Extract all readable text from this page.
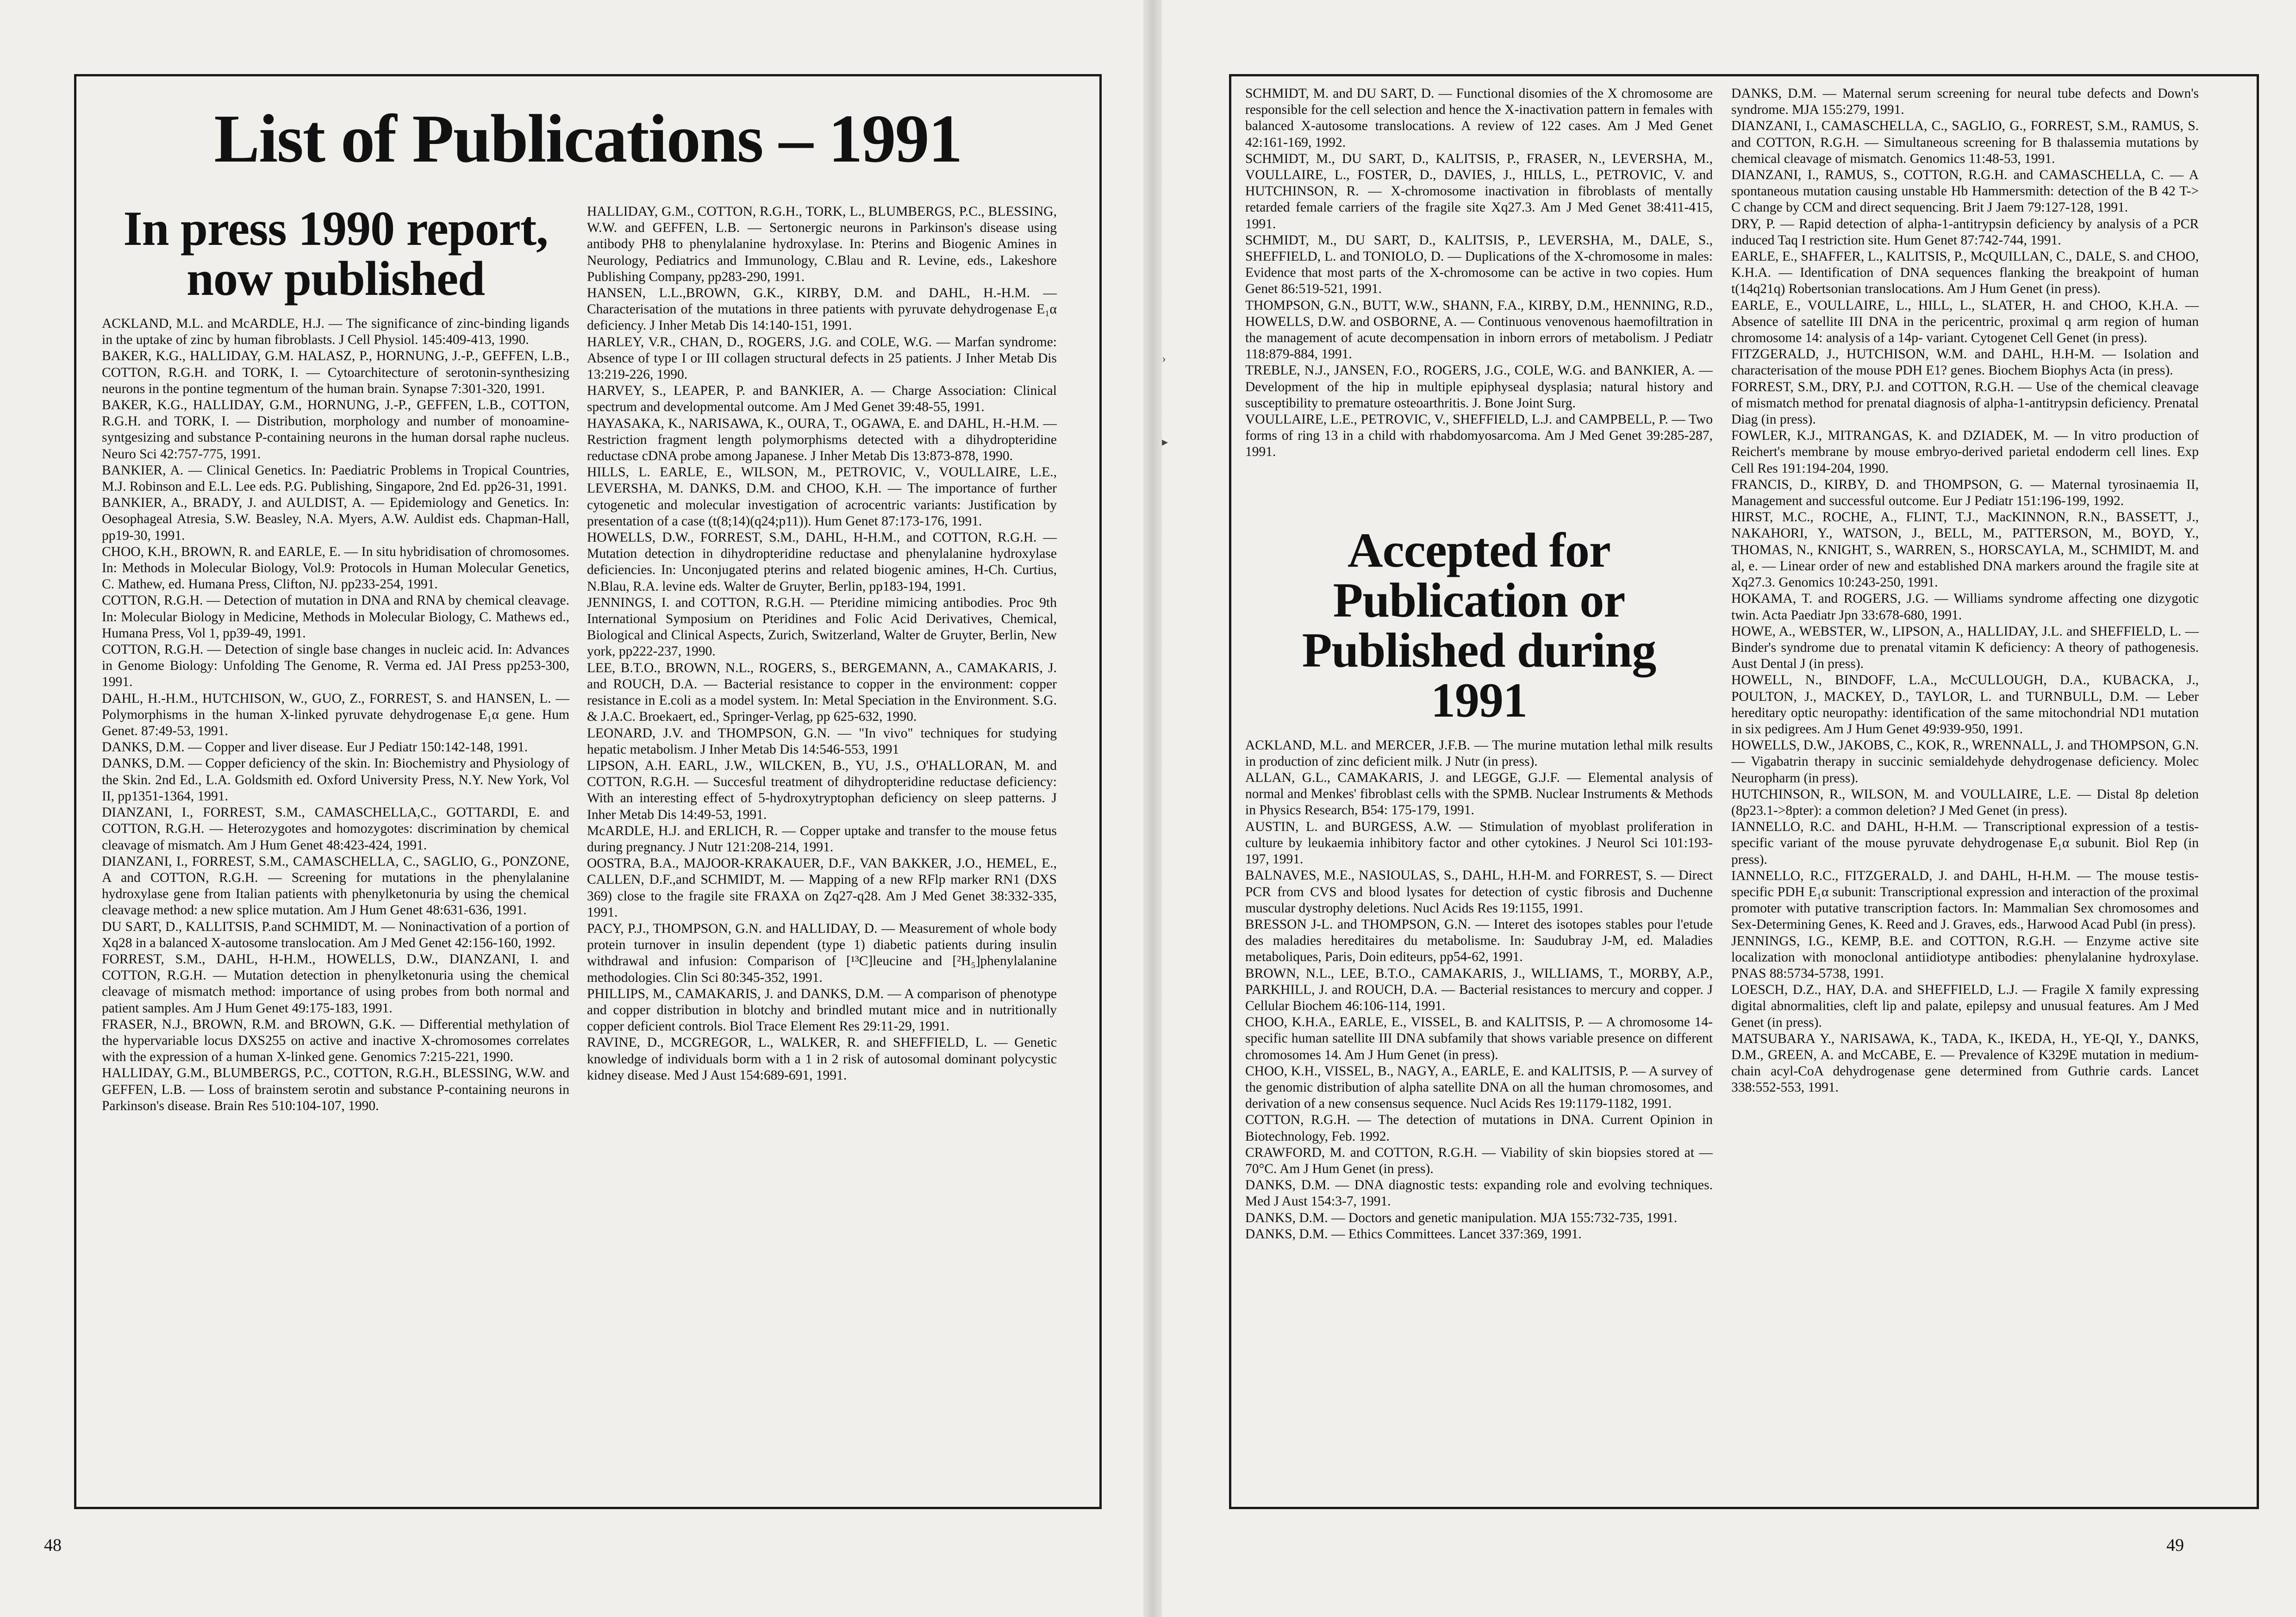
List of Publications – 1991
In press 1990 report, now published

ACKLAND, M.L. and McARDLE, H.J. — The significance of zinc-binding ligands in the uptake of zinc by human fibroblasts. J Cell Physiol. 145:409-413, 1990.

BAKER, K.G., HALLIDAY, G.M. HALASZ, P., HORNUNG, J.-P., GEFFEN, L.B., COTTON, R.G.H. and TORK, I. — Cytoarchitecture of serotonin-synthesizing neurons in the pontine tegmentum of the human brain. Synapse 7:301-320, 1991.

BAKER, K.G., HALLIDAY, G.M., HORNUNG, J.-P., GEFFEN, L.B., COTTON, R.G.H. and TORK, I. — Distribution, morphology and number of monoamine-syntgesizing and substance P-containing neurons in the human dorsal raphe nucleus. Neuro Sci 42:757-775, 1991.

BANKIER, A. — Clinical Genetics. In: Paediatric Problems in Tropical Countries, M.J. Robinson and E.L. Lee eds. P.G. Publishing, Singapore, 2nd Ed. pp26-31, 1991.

BANKIER, A., BRADY, J. and AULDIST, A. — Epidemiology and Genetics. In: Oesophageal Atresia, S.W. Beasley, N.A. Myers, A.W. Auldist eds. Chapman-Hall, pp19-30, 1991.

CHOO, K.H., BROWN, R. and EARLE, E. — In situ hybridisation of chromosomes. In: Methods in Molecular Biology, Vol.9: Protocols in Human Molecular Genetics, C. Mathew, ed. Humana Press, Clifton, NJ. pp233-254, 1991.

COTTON, R.G.H. — Detection of mutation in DNA and RNA by chemical cleavage. In: Molecular Biology in Medicine, Methods in Molecular Biology, C. Mathews ed., Humana Press, Vol 1, pp39-49, 1991.

COTTON, R.G.H. — Detection of single base changes in nucleic acid. In: Advances in Genome Biology: Unfolding The Genome, R. Verma ed. JAI Press pp253-300, 1991.

DAHL, H.-H.M., HUTCHISON, W., GUO, Z., FORREST, S. and HANSEN, L. — Polymorphisms in the human X-linked pyruvate dehydrogenase E₁α gene. Hum Genet. 87:49-53, 1991.

DANKS, D.M. — Copper and liver disease. Eur J Pediatr 150:142-148, 1991.

DANKS, D.M. — Copper deficiency of the skin. In: Biochemistry and Physiology of the Skin. 2nd Ed., L.A. Goldsmith ed. Oxford University Press, N.Y. New York, Vol II, pp1351-1364, 1991.

DIANZANI, I., FORREST, S.M., CAMASCHELLA,C., GOTTARDI, E. and COTTON, R.G.H. — Heterozygotes and homozygotes: discrimination by chemical cleavage of mismatch. Am J Hum Genet 48:423-424, 1991.

DIANZANI, I., FORREST, S.M., CAMASCHELLA, C., SAGLIO, G., PONZONE, A and COTTON, R.G.H. — Screening for mutations in the phenylalanine hydroxylase gene from Italian patients with phenylketonuria by using the chemical cleavage method: a new splice mutation. Am J Hum Genet 48:631-636, 1991.

DU SART, D., KALLITSIS, P.and SCHMIDT, M. — Noninactivation of a portion of Xq28 in a balanced X-autosome translocation. Am J Med Genet 42:156-160, 1992.

FORREST, S.M., DAHL, H-H.M., HOWELLS, D.W., DIANZANI, I. and COTTON, R.G.H. — Mutation detection in phenylketonuria using the chemical cleavage of mismatch method: importance of using probes from both normal and patient samples. Am J Hum Genet 49:175-183, 1991.

FRASER, N.J., BROWN, R.M. and BROWN, G.K. — Differential methylation of the hypervariable locus DXS255 on active and inactive X-chromosomes correlates with the expression of a human X-linked gene. Genomics 7:215-221, 1990.

HALLIDAY, G.M., BLUMBERGS, P.C., COTTON, R.G.H., BLESSING, W.W. and GEFFEN, L.B. — Loss of brainstem serotin and substance P-containing neurons in Parkinson's disease. Brain Res 510:104-107, 1990.

HALLIDAY, G.M., COTTON, R.G.H., TORK, L., BLUMBERGS, P.C., BLESSING, W.W. and GEFFEN, L.B. — Sertonergic neurons in Parkinson's disease using antibody PH8 to phenylalanine hydroxylase. In: Pterins and Biogenic Amines in Neurology, Pediatrics and Immunology, C.Blau and R. Levine, eds., Lakeshore Publishing Company, pp283-290, 1991.

HANSEN, L.L.,BROWN, G.K., KIRBY, D.M. and DAHL, H.-H.M. — Characterisation of the mutations in three patients with pyruvate dehydrogenase E₁α deficiency. J Inher Metab Dis 14:140-151, 1991.

HARLEY, V.R., CHAN, D., ROGERS, J.G. and COLE, W.G. — Marfan syndrome: Absence of type I or III collagen structural defects in 25 patients. J Inher Metab Dis 13:219-226, 1990.

HARVEY, S., LEAPER, P. and BANKIER, A. — Charge Association: Clinical spectrum and developmental outcome. Am J Med Genet 39:48-55, 1991.

HAYASAKA, K., NARISAWA, K., OURA, T., OGAWA, E. and DAHL, H.-H.M. — Restriction fragment length polymorphisms detected with a dihydropteridine reductase cDNA probe among Japanese. J Inher Metab Dis 13:873-878, 1990.

HILLS, L. EARLE, E., WILSON, M., PETROVIC, V., VOULLAIRE, L.E., LEVERSHA, M. DANKS, D.M. and CHOO, K.H. — The importance of further cytogenetic and molecular investigation of acrocentric variants: Justification by presentation of a case (t(8;14)(q24;p11)). Hum Genet 87:173-176, 1991.

HOWELLS, D.W., FORREST, S.M., DAHL, H-H.M., and COTTON, R.G.H. — Mutation detection in dihydropteridine reductase and phenylalanine hydroxylase deficiencies. In: Unconjugated pterins and related biogenic amines, H-Ch. Curtius, N.Blau, R.A. levine eds. Walter de Gruyter, Berlin, pp183-194, 1991.

JENNINGS, I. and COTTON, R.G.H. — Pteridine mimicing antibodies. Proc 9th International Symposium on Pteridines and Folic Acid Derivatives, Chemical, Biological and Clinical Aspects, Zurich, Switzerland, Walter de Gruyter, Berlin, New york, pp222-237, 1990.

LEE, B.T.O., BROWN, N.L., ROGERS, S., BERGEMANN, A., CAMAKARIS, J. and ROUCH, D.A. — Bacterial resistance to copper in the environment: copper resistance in E.coli as a model system. In: Metal Speciation in the Environment. S.G. & J.A.C. Broekaert, ed., Springer-Verlag, pp 625-632, 1990.

LEONARD, J.V. and THOMPSON, G.N. — "In vivo" techniques for studying hepatic metabolism. J Inher Metab Dis 14:546-553, 1991

LIPSON, A.H. EARL, J.W., WILCKEN, B., YU, J.S., O'HALLORAN, M. and COTTON, R.G.H. — Succesful treatment of dihydropteridine reductase deficiency: With an interesting effect of 5-hydroxytryptophan deficiency on sleep patterns. J Inher Metab Dis 14:49-53, 1991.

McARDLE, H.J. and ERLICH, R. — Copper uptake and transfer to the mouse fetus during pregnancy. J Nutr 121:208-214, 1991.

OOSTRA, B.A., MAJOOR-KRAKAUER, D.F., VAN BAKKER, J.O., HEMEL, E., CALLEN, D.F.,and SCHMIDT, M. — Mapping of a new RFlp marker RN1 (DXS 369) close to the fragile site FRAXA on Zq27-q28. Am J Med Genet 38:332-335, 1991.

PACY, P.J., THOMPSON, G.N. and HALLIDAY, D. — Measurement of whole body protein turnover in insulin dependent (type 1) diabetic patients during insulin withdrawal and infusion: Comparison of [¹³C]leucine and [²H₅]phenylalanine methodologies. Clin Sci 80:345-352, 1991.

PHILLIPS, M., CAMAKARIS, J. and DANKS, D.M. — A comparison of phenotype and copper distribution in blotchy and brindled mutant mice and in nutritionally copper deficient controls. Biol Trace Element Res 29:11-29, 1991.

RAVINE, D., MCGREGOR, L., WALKER, R. and SHEFFIELD, L. — Genetic knowledge of individuals borm with a 1 in 2 risk of autosomal dominant polycystic kidney disease. Med J Aust 154:689-691, 1991.

SCHMIDT, M. and DU SART, D. — Functional disomies of the X chromosome are responsible for the cell selection and hence the X-inactivation pattern in females with balanced X-autosome translocations. A review of 122 cases. Am J Med Genet 42:161-169, 1992.

SCHMIDT, M., DU SART, D., KALITSIS, P., FRASER, N., LEVERSHA, M., VOULLAIRE, L., FOSTER, D., DAVIES, J., HILLS, L., PETROVIC, V. and HUTCHINSON, R. — X-chromosome inactivation in fibroblasts of mentally retarded female carriers of the fragile site Xq27.3. Am J Med Genet 38:411-415, 1991.

SCHMIDT, M., DU SART, D., KALITSIS, P., LEVERSHA, M., DALE, S., SHEFFIELD, L. and TONIOLO, D. — Duplications of the X-chromosome in males: Evidence that most parts of the X-chromosome can be active in two copies. Hum Genet 86:519-521, 1991.

THOMPSON, G.N., BUTT, W.W., SHANN, F.A., KIRBY, D.M., HENNING, R.D., HOWELLS, D.W. and OSBORNE, A. — Continuous venovenous haemofiltration in the management of acute decompensation in inborn errors of metabolism. J Pediatr 118:879-884, 1991.

TREBLE, N.J., JANSEN, F.O., ROGERS, J.G., COLE, W.G. and BANKIER, A. — Development of the hip in multiple epiphyseal dysplasia; natural history and susceptibility to premature osteoarthritis. J. Bone Joint Surg.

VOULLAIRE, L.E., PETROVIC, V., SHEFFIELD, L.J. and CAMPBELL, P. — Two forms of ring 13 in a child with rhabdomyosarcoma. Am J Med Genet 39:285-287, 1991.

Accepted for Publication or Published during 1991

ACKLAND, M.L. and MERCER, J.F.B. — The murine mutation lethal milk results in production of zinc deficient milk. J Nutr (in press).

ALLAN, G.L., CAMAKARIS, J. and LEGGE, G.J.F. — Elemental analysis of normal and Menkes' fibroblast cells with the SPMB. Nuclear Instruments & Methods in Physics Research, B54: 175-179, 1991.

AUSTIN, L. and BURGESS, A.W. — Stimulation of myoblast proliferation in culture by leukaemia inhibitory factor and other cytokines. J Neurol Sci 101:193-197, 1991.

BALNAVES, M.E., NASIOULAS, S., DAHL, H.H-M. and FORREST, S. — Direct PCR from CVS and blood lysates for detection of cystic fibrosis and Duchenne muscular dystrophy deletions. Nucl Acids Res 19:1155, 1991.

BRESSON J-L. and THOMPSON, G.N. — Interet des isotopes stables pour l'etude des maladies hereditaires du metabolisme. In: Saudubray J-M, ed. Maladies metaboliques, Paris, Doin editeurs, pp54-62, 1991.

BROWN, N.L., LEE, B.T.O., CAMAKARIS, J., WILLIAMS, T., MORBY, A.P., PARKHILL, J. and ROUCH, D.A. — Bacterial resistances to mercury and copper. J Cellular Biochem 46:106-114, 1991.

CHOO, K.H.A., EARLE, E., VISSEL, B. and KALITSIS, P. — A chromosome 14-specific human satellite III DNA subfamily that shows variable presence on different chromosomes 14. Am J Hum Genet (in press).

CHOO, K.H., VISSEL, B., NAGY, A., EARLE, E. and KALITSIS, P. — A survey of the genomic distribution of alpha satellite DNA on all the human chromosomes, and derivation of a new consensus sequence. Nucl Acids Res 19:1179-1182, 1991.

COTTON, R.G.H. — The detection of mutations in DNA. Current Opinion in Biotechnology, Feb. 1992.

CRAWFORD, M. and COTTON, R.G.H. — Viability of skin biopsies stored at — 70°C. Am J Hum Genet (in press).

DANKS, D.M. — DNA diagnostic tests: expanding role and evolving techniques. Med J Aust 154:3-7, 1991.

DANKS, D.M. — Doctors and genetic manipulation. MJA 155:732-735, 1991.

DANKS, D.M. — Ethics Committees. Lancet 337:369, 1991.

DANKS, D.M. — Maternal serum screening for neural tube defects and Down's syndrome. MJA 155:279, 1991.

DIANZANI, I., CAMASCHELLA, C., SAGLIO, G., FORREST, S.M., RAMUS, S. and COTTON, R.G.H. — Simultaneous screening for B thalassemia mutations by chemical cleavage of mismatch. Genomics 11:48-53, 1991.

DIANZANI, I., RAMUS, S., COTTON, R.G.H. and CAMASCHELLA, C. — A spontaneous mutation causing unstable Hb Hammersmith: detection of the B 42 T-> C change by CCM and direct sequencing. Brit J Jaem 79:127-128, 1991.

DRY, P. — Rapid detection of alpha-1-antitrypsin deficiency by analysis of a PCR induced Taq I restriction site. Hum Genet 87:742-744, 1991.

EARLE, E., SHAFFER, L., KALITSIS, P., McQUILLAN, C., DALE, S. and CHOO, K.H.A. — Identification of DNA sequences flanking the breakpoint of human t(14q21q) Robertsonian translocations. Am J Hum Genet (in press).

EARLE, E., VOULLAIRE, L., HILL, L., SLATER, H. and CHOO, K.H.A. — Absence of satellite III DNA in the pericentric, proximal q arm region of human chromosome 14: analysis of a 14p- variant. Cytogenet Cell Genet (in press).

FITZGERALD, J., HUTCHISON, W.M. and DAHL, H.H-M. — Isolation and characterisation of the mouse PDH E1? genes. Biochem Biophys Acta (in press).

FORREST, S.M., DRY, P.J. and COTTON, R.G.H. — Use of the chemical cleavage of mismatch method for prenatal diagnosis of alpha-1-antitrypsin deficiency. Prenatal Diag (in press).

FOWLER, K.J., MITRANGAS, K. and DZIADEK, M. — In vitro production of Reichert's membrane by mouse embryo-derived parietal endoderm cell lines. Exp Cell Res 191:194-204, 1990.

FRANCIS, D., KIRBY, D. and THOMPSON, G. — Maternal tyrosinaemia II, Management and successful outcome. Eur J Pediatr 151:196-199, 1992.

HIRST, M.C., ROCHE, A., FLINT, T.J., MacKINNON, R.N., BASSETT, J., NAKAHORI, Y., WATSON, J., BELL, M., PATTERSON, M., BOYD, Y., THOMAS, N., KNIGHT, S., WARREN, S., HORSCAYLA, M., SCHMIDT, M. and al, e. — Linear order of new and established DNA markers around the fragile site at Xq27.3. Genomics 10:243-250, 1991.

HOKAMA, T. and ROGERS, J.G. — Williams syndrome affecting one dizygotic twin. Acta Paediatr Jpn 33:678-680, 1991.

HOWE, A., WEBSTER, W., LIPSON, A., HALLIDAY, J.L. and SHEFFIELD, L. — Binder's syndrome due to prenatal vitamin K deficiency: A theory of pathogenesis. Aust Dental J (in press).

HOWELL, N., BINDOFF, L.A., McCULLOUGH, D.A., KUBACKA, J., POULTON, J., MACKEY, D., TAYLOR, L. and TURNBULL, D.M. — Leber hereditary optic neuropathy: identification of the same mitochondrial ND1 mutation in six pedigrees. Am J Hum Genet 49:939-950, 1991.

HOWELLS, D.W., JAKOBS, C., KOK, R., WRENNALL, J. and THOMPSON, G.N. — Vigabatrin therapy in succinic semialdehyde dehydrogenase deficiency. Molec Neuropharm (in press).

HUTCHINSON, R., WILSON, M. and VOULLAIRE, L.E. — Distal 8p deletion (8p23.1->8pter): a common deletion? J Med Genet (in press).

IANNELLO, R.C. and DAHL, H-H.M. — Transcriptional expression of a testis-specific variant of the mouse pyruvate dehydrogenase E₁α subunit. Biol Rep (in press).

IANNELLO, R.C., FITZGERALD, J. and DAHL, H-H.M. — The mouse testis-specific PDH E₁α subunit: Transcriptional expression and interaction of the proximal promoter with putative transcription factors. In: Mammalian Sex chromosomes and Sex-Determining Genes, K. Reed and J. Graves, eds., Harwood Acad Publ (in press).

JENNINGS, I.G., KEMP, B.E. and COTTON, R.G.H. — Enzyme active site localization with monoclonal antiidiotype antibodies: phenylalanine hydroxylase. PNAS 88:5734-5738, 1991.

LOESCH, D.Z., HAY, D.A. and SHEFFIELD, L.J. — Fragile X family expressing digital abnormalities, cleft lip and palate, epilepsy and unusual features. Am J Med Genet (in press).

MATSUBARA Y., NARISAWA, K., TADA, K., IKEDA, H., YE-QI, Y., DANKS, D.M., GREEN, A. and McCABE, E. — Prevalence of K329E mutation in medium-chain acyl-CoA dehydrogenase gene determined from Guthrie cards. Lancet 338:552-553, 1991.

›
▸
48	49
